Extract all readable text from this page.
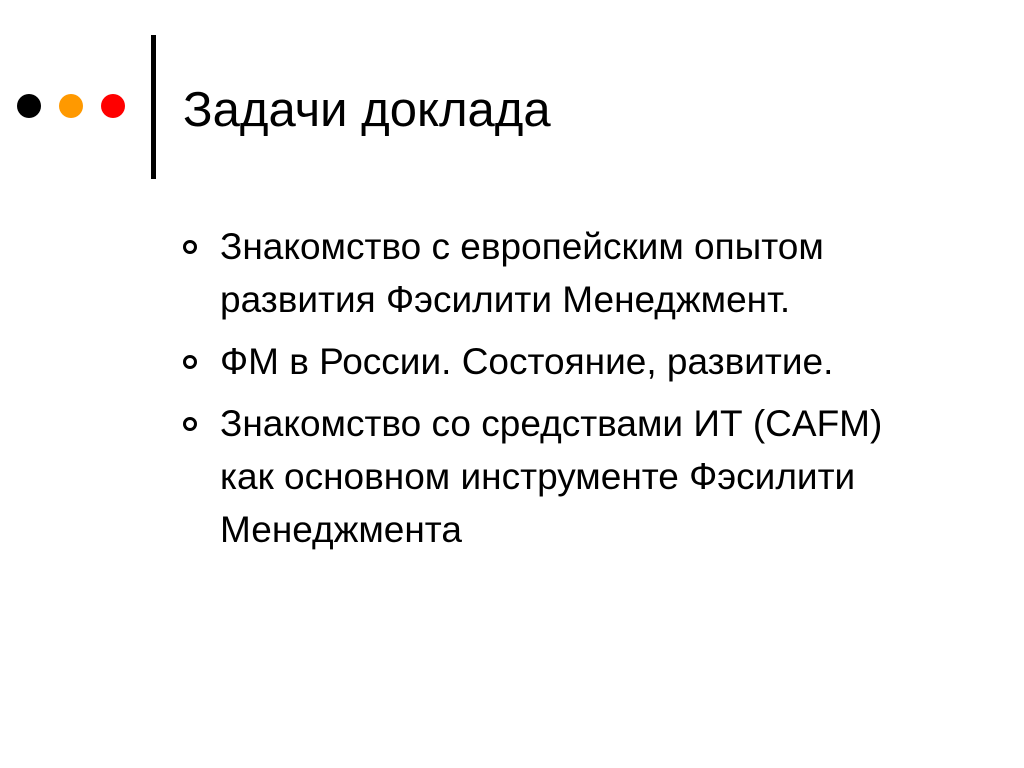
Задачи доклада
Знакомство с европейским опытом развития Фэсилити Менеджмент.
ФМ в России. Состояние, развитие.
Знакомство со средствами ИТ (CAFM) как основном инструменте Фэсилити Менеджмента
